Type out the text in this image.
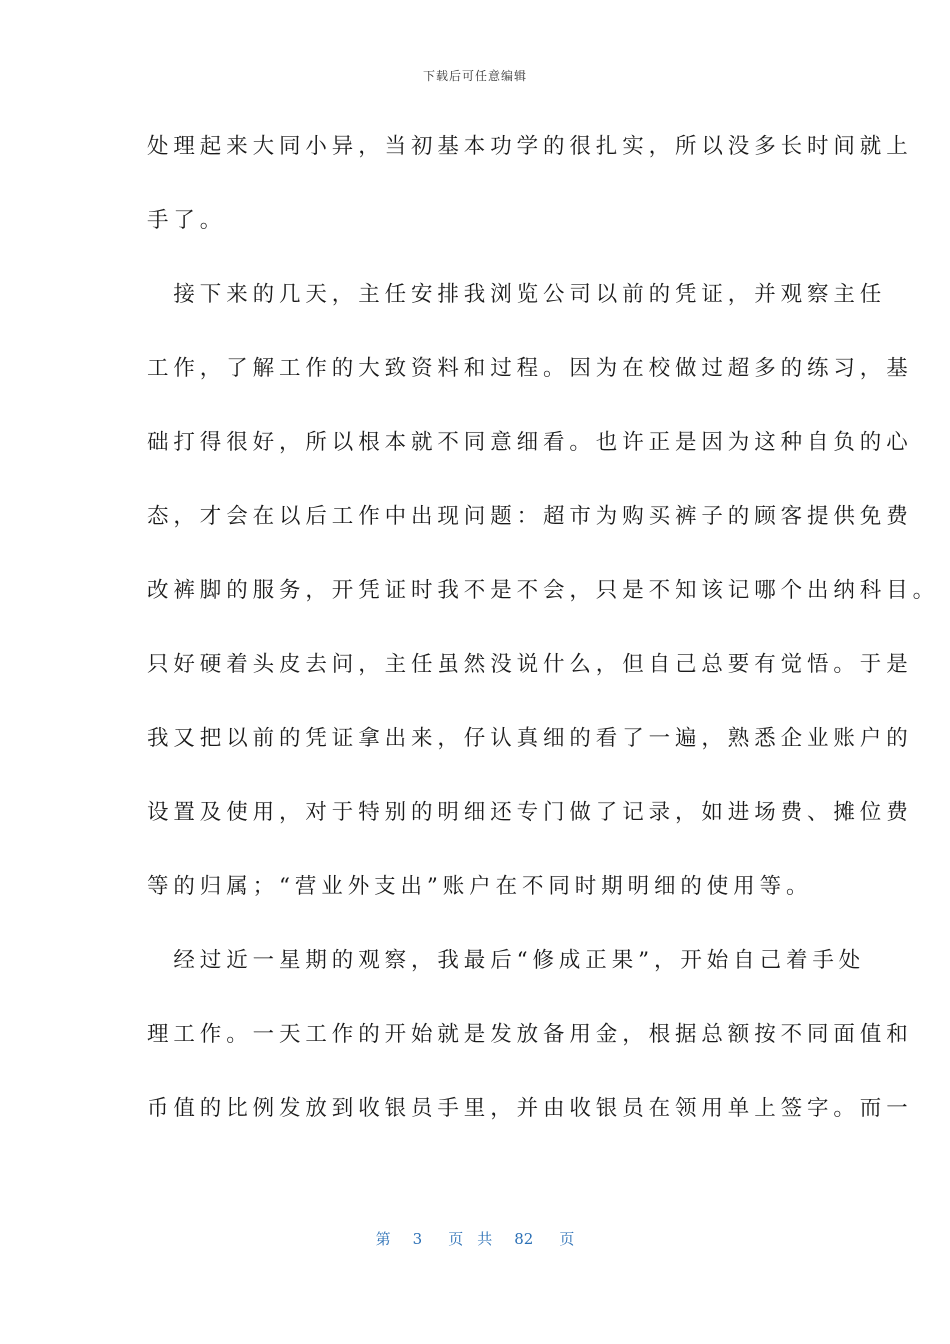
下载后可任意编辑
处理起来大同小异，当初基本功学的很扎实，所以没多长时间就上
手了。
　接下来的几天，主任安排我浏览公司以前的凭证，并观察主任
工作，了解工作的大致资料和过程。因为在校做过超多的练习，基
础打得很好，所以根本就不同意细看。也许正是因为这种自负的心
态，才会在以后工作中出现问题：超市为购买裤子的顾客提供免费
改裤脚的服务，开凭证时我不是不会，只是不知该记哪个出纳科目。
只好硬着头皮去问，主任虽然没说什么，但自己总要有觉悟。于是
我又把以前的凭证拿出来，仔认真细的看了一遍，熟悉企业账户的
设置及使用，对于特别的明细还专门做了记录，如进场费、摊位费
等的归属；“营业外支出”账户在不同时期明细的使用等。
　经过近一星期的观察，我最后“修成正果”，开始自己着手处
理工作。一天工作的开始就是发放备用金，根据总额按不同面值和
币值的比例发放到收银员手里，并由收银员在领用单上签字。而一
第 3 页 共 82 页
